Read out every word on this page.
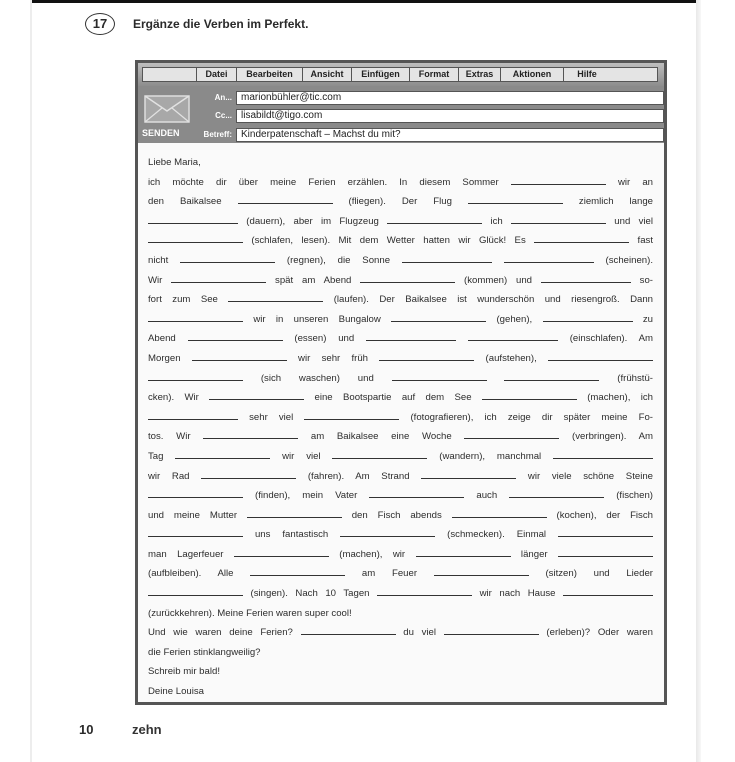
17	Ergänze die Verben im Perfekt.
Datei	Bearbeiten	Ansicht	Einfügen	Format	Extras	Aktionen	Hilfe
SENDEN
An... marionbühler@tic.com
Cc... lisabildt@tigo.com
Betreff: Kinderpatenschaft – Machst du mit?

Liebe Maria,

ich möchte dir über meine Ferien erzählen. In diesem Sommer	wir an

den Baikalsee	(fliegen). Der Flug	ziemlich lange

(dauern), aber im Flugzeug	ich	und viel

(schlafen, lesen). Mit dem Wetter hatten wir Glück! Es	fast

nicht	(regnen), die Sonne	(scheinen).

Wir	spät am Abend	(kommen) und	so-

fort zum See	(laufen). Der Baikalsee ist wunderschön und riesengroß. Dann

wir in unseren Bungalow	(gehen),	zu

Abend	(essen) und	(einschlafen). Am

Morgen	wir sehr früh	(aufstehen),

(sich waschen) und	(frühstü-

cken). Wir	eine Bootspartie auf dem See	(machen), ich

sehr viel	(fotografieren), ich zeige dir später meine Fo-

tos. Wir	am Baikalsee eine Woche	(verbringen). Am

Tag	wir viel	(wandern), manchmal

wir Rad	(fahren). Am Strand	wir viele schöne Steine

(finden), mein Vater	auch	(fischen)

und meine Mutter	den Fisch abends	(kochen), der Fisch

uns fantastisch	(schmecken). Einmal

man Lagerfeuer	(machen), wir	länger

(aufbleiben). Alle	am Feuer	(sitzen) und Lieder

(singen). Nach 10 Tagen	wir nach Hause

(zurückkehren). Meine Ferien waren super cool!

Und wie waren deine Ferien?	du viel	(erleben)? Oder waren

die Ferien stinklangweilig?

Schreib mir bald!

Deine Louisa

10	zehn
